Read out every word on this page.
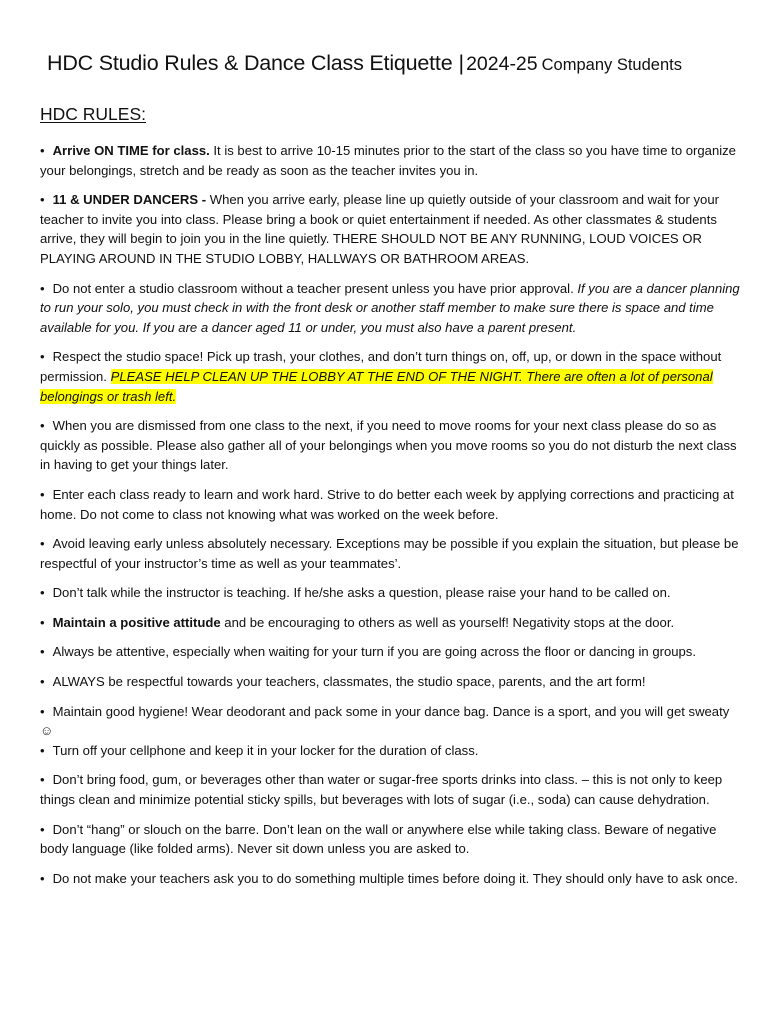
HDC Studio Rules & Dance Class Etiquette | 2024-25 Company Students
HDC RULES:

• Arrive ON TIME for class. It is best to arrive 10-15 minutes prior to the start of the class so you have time to organize your belongings, stretch and be ready as soon as the teacher invites you in.

• 11 & UNDER DANCERS - When you arrive early, please line up quietly outside of your classroom and wait for your teacher to invite you into class. Please bring a book or quiet entertainment if needed. As other classmates & students arrive, they will begin to join you in the line quietly. THERE SHOULD NOT BE ANY RUNNING, LOUD VOICES OR PLAYING AROUND IN THE STUDIO LOBBY, HALLWAYS OR BATHROOM AREAS.

• Do not enter a studio classroom without a teacher present unless you have prior approval. If you are a dancer planning to run your solo, you must check in with the front desk or another staff member to make sure there is space and time available for you. If you are a dancer aged 11 or under, you must also have a parent present.

• Respect the studio space! Pick up trash, your clothes, and don’t turn things on, off, up, or down in the space without permission. PLEASE HELP CLEAN UP THE LOBBY AT THE END OF THE NIGHT. There are often a lot of personal belongings or trash left.

• When you are dismissed from one class to the next, if you need to move rooms for your next class please do so as quickly as possible. Please also gather all of your belongings when you move rooms so you do not disturb the next class in having to get your things later.

• Enter each class ready to learn and work hard. Strive to do better each week by applying corrections and practicing at home. Do not come to class not knowing what was worked on the week before.

• Avoid leaving early unless absolutely necessary. Exceptions may be possible if you explain the situation, but please be respectful of your instructor’s time as well as your teammates’.

• Don’t talk while the instructor is teaching. If he/she asks a question, please raise your hand to be called on.

• Maintain a positive attitude and be encouraging to others as well as yourself! Negativity stops at the door.

• Always be attentive, especially when waiting for your turn if you are going across the floor or dancing in groups.

• ALWAYS be respectful towards your teachers, classmates, the studio space, parents, and the art form!

• Maintain good hygiene! Wear deodorant and pack some in your dance bag. Dance is a sport, and you will get sweaty ☺

• Turn off your cellphone and keep it in your locker for the duration of class.

• Don’t bring food, gum, or beverages other than water or sugar-free sports drinks into class. – this is not only to keep things clean and minimize potential sticky spills, but beverages with lots of sugar (i.e., soda) can cause dehydration.

• Don’t “hang” or slouch on the barre. Don’t lean on the wall or anywhere else while taking class. Beware of negative body language (like folded arms). Never sit down unless you are asked to.

• Do not make your teachers ask you to do something multiple times before doing it. They should only have to ask once.
